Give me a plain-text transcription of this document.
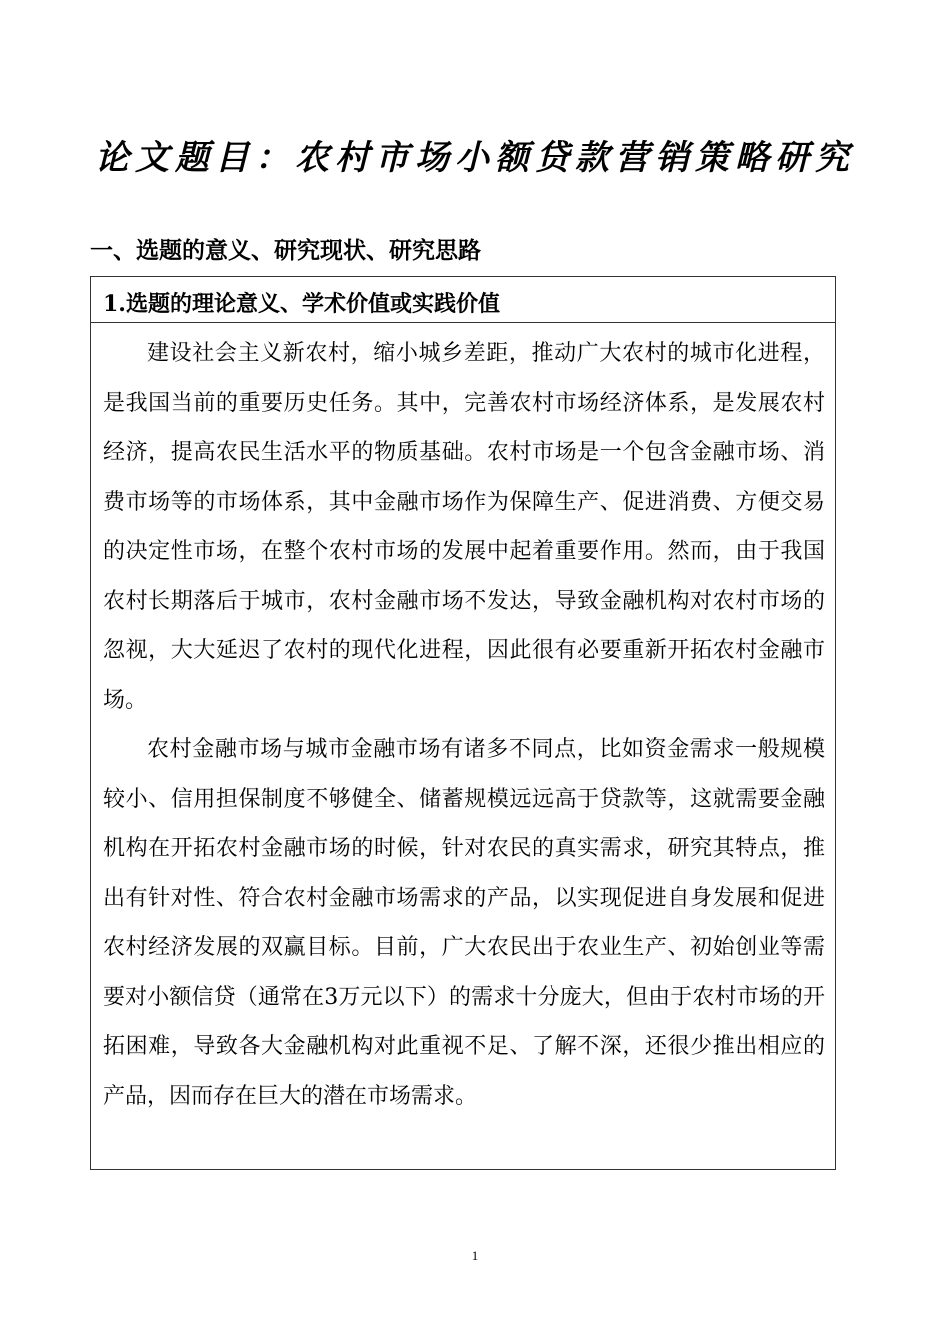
论文题目：农村市场小额贷款营销策略研究
一、选题的意义、研究现状、研究思路
1.选题的理论意义、学术价值或实践价值

建设社会主义新农村，缩小城乡差距，推动广大农村的城市化进程，是我国当前的重要历史任务。其中，完善农村市场经济体系，是发展农村经济，提高农民生活水平的物质基础。农村市场是一个包含金融市场、消费市场等的市场体系，其中金融市场作为保障生产、促进消费、方便交易的决定性市场，在整个农村市场的发展中起着重要作用。然而，由于我国农村长期落后于城市，农村金融市场不发达，导致金融机构对农村市场的忽视，大大延迟了农村的现代化进程，因此很有必要重新开拓农村金融市场。

农村金融市场与城市金融市场有诸多不同点，比如资金需求一般规模较小、信用担保制度不够健全、储蓄规模远远高于贷款等，这就需要金融机构在开拓农村金融市场的时候，针对农民的真实需求，研究其特点，推出有针对性、符合农村金融市场需求的产品，以实现促进自身发展和促进农村经济发展的双赢目标。目前，广大农民出于农业生产、初始创业等需要对小额信贷（通常在3万元以下）的需求十分庞大，但由于农村市场的开拓困难，导致各大金融机构对此重视不足、了解不深，还很少推出相应的产品，因而存在巨大的潜在市场需求。

1
